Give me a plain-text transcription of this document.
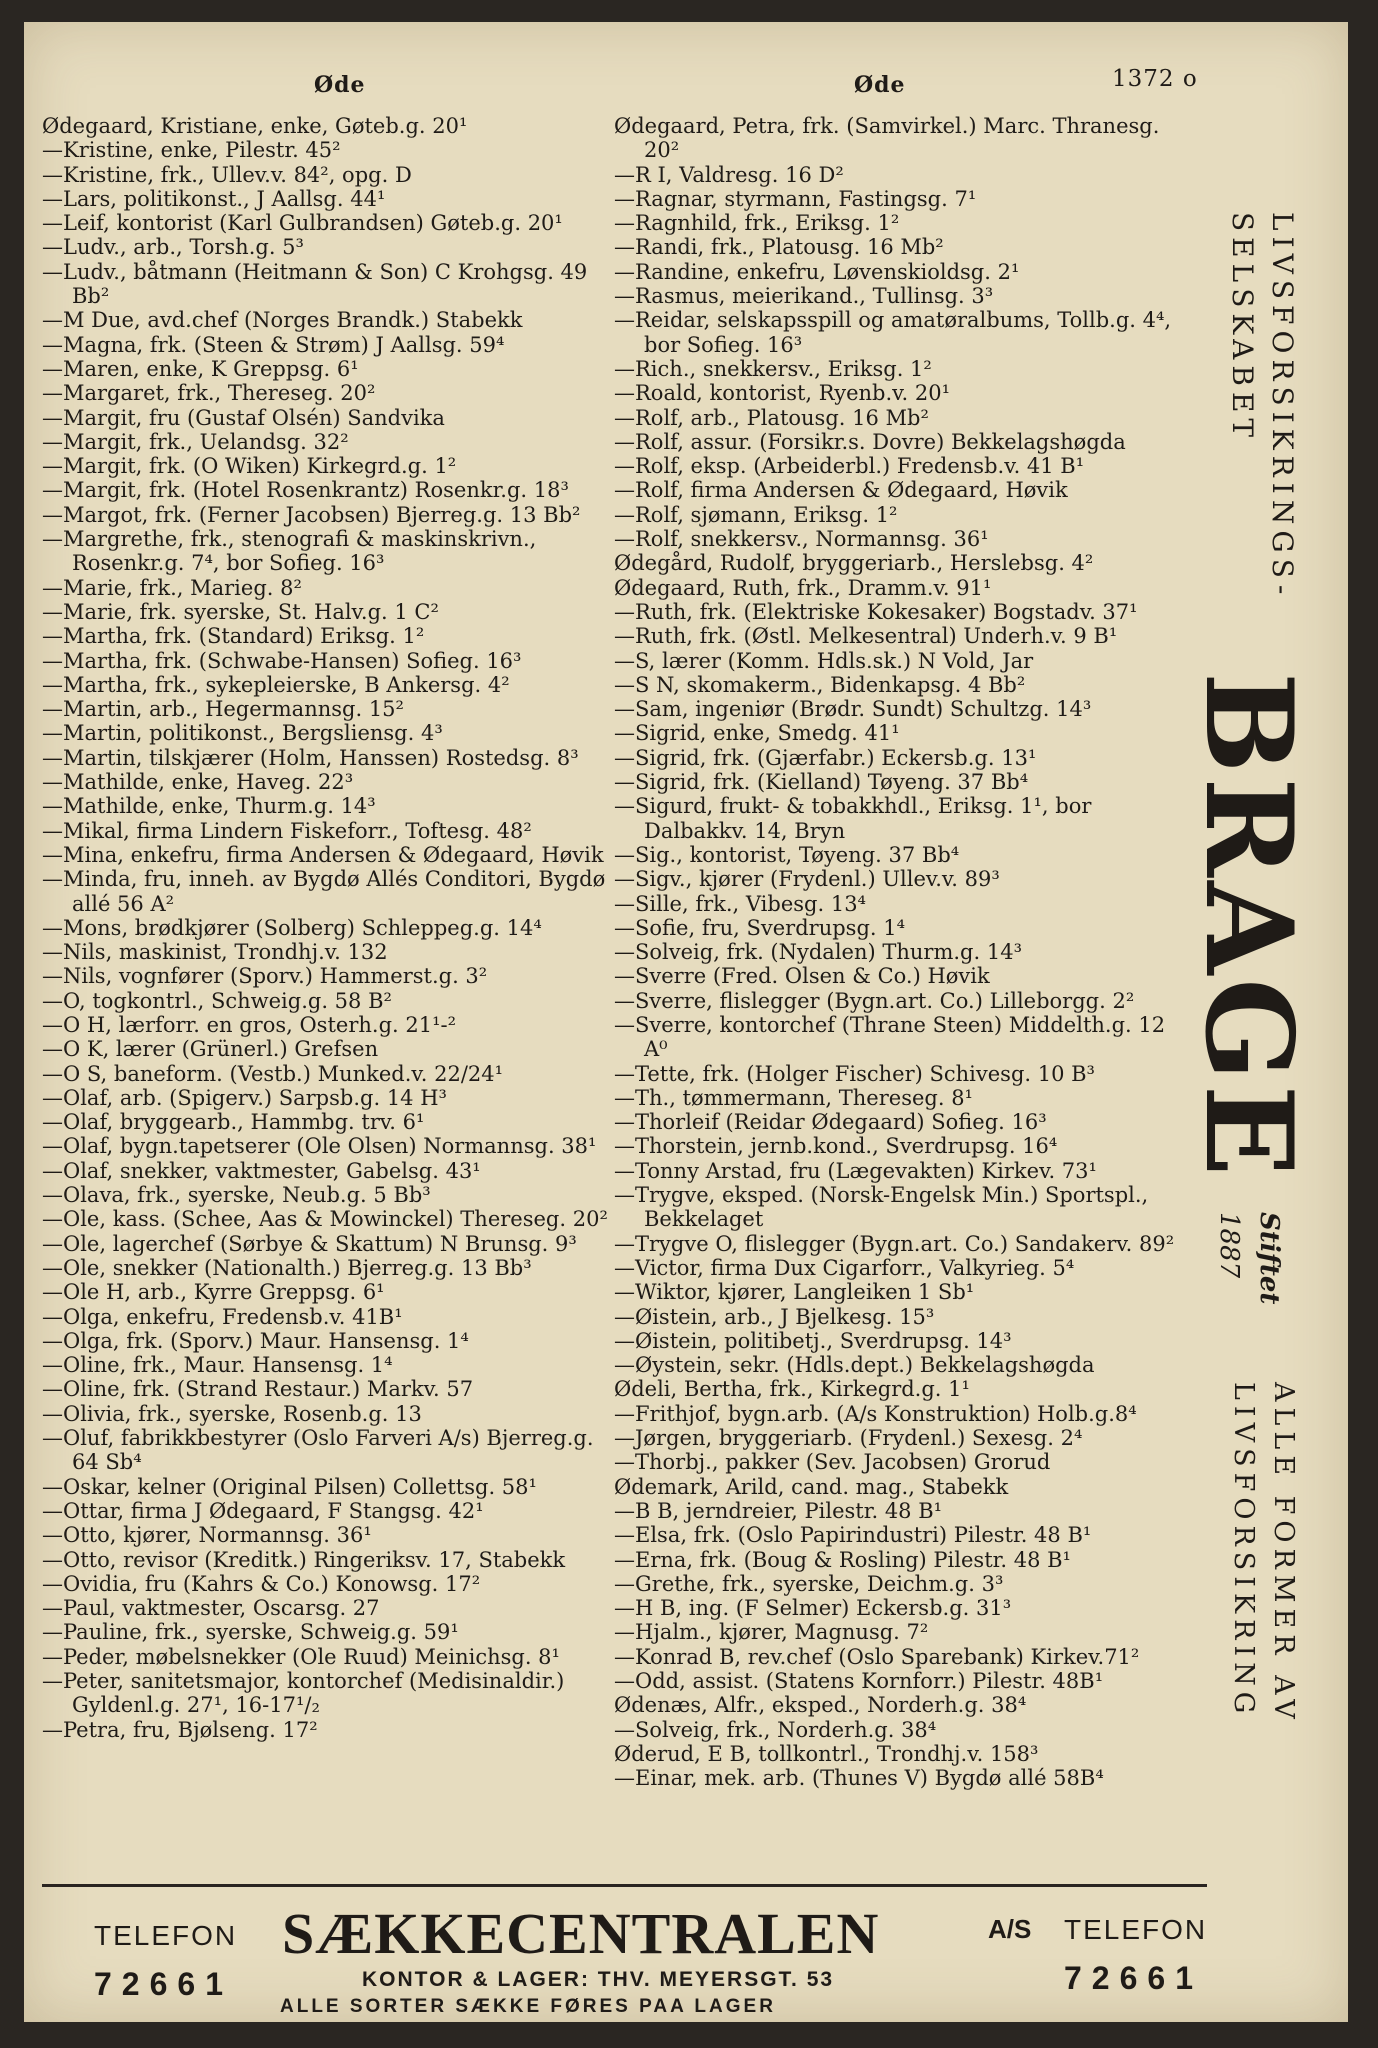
Øde	Øde	1372 o
Ødegaard, Kristiane, enke, Gøteb.g. 20¹
—Kristine, enke, Pilestr. 45²
—Kristine, frk., Ullev.v. 84², opg. D
—Lars, politikonst., J Aallsg. 44¹
—Leif, kontorist (Karl Gulbrandsen) Gøteb.g. 20¹
—Ludv., arb., Torsh.g. 5³
—Ludv., båtmann (Heitmann & Son) C Krohgsg. 49 Bb²
—M Due, avd.chef (Norges Brandk.) Stabekk
—Magna, frk. (Steen & Strøm) J Aallsg. 59⁴
—Maren, enke, K Greppsg. 6¹
—Margaret, frk., Thereseg. 20²
—Margit, fru (Gustaf Olsén) Sandvika
—Margit, frk., Uelandsg. 32²
—Margit, frk. (O Wiken) Kirkegrd.g. 1²
—Margit, frk. (Hotel Rosenkrantz) Rosenkr.g. 18³
—Margot, frk. (Ferner Jacobsen) Bjerreg.g. 13 Bb²
—Margrethe, frk., stenografi & maskinskrivn., Rosenkr.g. 7⁴, bor Sofieg. 16³
—Marie, frk., Marieg. 8²
—Marie, frk. syerske, St. Halv.g. 1 C²
—Martha, frk. (Standard) Eriksg. 1²
—Martha, frk. (Schwabe-Hansen) Sofieg. 16³
—Martha, frk., sykepleierske, B Ankersg. 4²
—Martin, arb., Hegermannsg. 15²
—Martin, politikonst., Bergsliensg. 4³
—Martin, tilskjærer (Holm, Hanssen) Rostedsg. 8³
—Mathilde, enke, Haveg. 22³
—Mathilde, enke, Thurm.g. 14³
—Mikal, firma Lindern Fiskeforr., Toftesg. 48²
—Mina, enkefru, firma Andersen & Ødegaard, Høvik
—Minda, fru, inneh. av Bygdø Allés Conditori, Bygdø allé 56 A²
—Mons, brødkjører (Solberg) Schleppeg.g. 14⁴
—Nils, maskinist, Trondhj.v. 132
—Nils, vognfører (Sporv.) Hammerst.g. 3²
—O, togkontrl., Schweig.g. 58 B²
—O H, lærforr. en gros, Osterh.g. 21¹-²
—O K, lærer (Grünerl.) Grefsen
—O S, baneform. (Vestb.) Munked.v. 22/24¹
—Olaf, arb. (Spigerv.) Sarpsb.g. 14 H³
—Olaf, bryggearb., Hammbg. trv. 6¹
—Olaf, bygn.tapetserer (Ole Olsen) Normannsg. 38¹
—Olaf, snekker, vaktmester, Gabelsg. 43¹
—Olava, frk., syerske, Neub.g. 5 Bb³
—Ole, kass. (Schee, Aas & Mowinckel) Thereseg. 20²
—Ole, lagerchef (Sørbye & Skattum) N Brunsg. 9³
—Ole, snekker (Nationalth.) Bjerreg.g. 13 Bb³
—Ole H, arb., Kyrre Greppsg. 6¹
—Olga, enkefru, Fredensb.v. 41B¹
—Olga, frk. (Sporv.) Maur. Hansensg. 1⁴
—Oline, frk., Maur. Hansensg. 1⁴
—Oline, frk. (Strand Restaur.) Markv. 57
—Olivia, frk., syerske, Rosenb.g. 13
—Oluf, fabrikkbestyrer (Oslo Farveri A/s) Bjerreg.g. 64 Sb⁴
—Oskar, kelner (Original Pilsen) Collettsg. 58¹
—Ottar, firma J Ødegaard, F Stangsg. 42¹
—Otto, kjører, Normannsg. 36¹
—Otto, revisor (Kreditk.) Ringeriksv. 17, Stabekk
—Ovidia, fru (Kahrs & Co.) Konowsg. 17²
—Paul, vaktmester, Oscarsg. 27
—Pauline, frk., syerske, Schweig.g. 59¹
—Peder, møbelsnekker (Ole Ruud) Meinichsg. 8¹
—Peter, sanitetsmajor, kontorchef (Medisinaldir.) Gyldenl.g. 27¹, 16-17¹/₂
—Petra, fru, Bjølseng. 17²
Ødegaard, Petra, frk. (Samvirkel.) Marc. Thranesg. 20²
—R I, Valdresg. 16 D²
—Ragnar, styrmann, Fastingsg. 7¹
—Ragnhild, frk., Eriksg. 1²
—Randi, frk., Platousg. 16 Mb²
—Randine, enkefru, Løvenskioldsg. 2¹
—Rasmus, meierikand., Tullinsg. 3³
—Reidar, selskapsspill og amatøralbums, Tollb.g. 4⁴, bor Sofieg. 16³
—Rich., snekkersv., Eriksg. 1²
—Roald, kontorist, Ryenb.v. 20¹
—Rolf, arb., Platousg. 16 Mb²
—Rolf, assur. (Forsikr.s. Dovre) Bekkelagshøgda
—Rolf, eksp. (Arbeiderbl.) Fredensb.v. 41 B¹
—Rolf, firma Andersen & Ødegaard, Høvik
—Rolf, sjømann, Eriksg. 1²
—Rolf, snekkersv., Normannsg. 36¹
Ødegård, Rudolf, bryggeriarb., Herslebsg. 4²
Ødegaard, Ruth, frk., Dramm.v. 91¹
—Ruth, frk. (Elektriske Kokesaker) Bogstadv. 37¹
—Ruth, frk. (Østl. Melkesentral) Underh.v. 9 B¹
—S, lærer (Komm. Hdls.sk.) N Vold, Jar
—S N, skomakerm., Bidenkapsg. 4 Bb²
—Sam, ingeniør (Brødr. Sundt) Schultzg. 14³
—Sigrid, enke, Smedg. 41¹
—Sigrid, frk. (Gjærfabr.) Eckersb.g. 13¹
—Sigrid, frk. (Kielland) Tøyeng. 37 Bb⁴
—Sigurd, frukt- & tobakkhdl., Eriksg. 1¹, bor Dalbakkv. 14, Bryn
—Sig., kontorist, Tøyeng. 37 Bb⁴
—Sigv., kjører (Frydenl.) Ullev.v. 89³
—Sille, frk., Vibesg. 13⁴
—Sofie, fru, Sverdrupsg. 1⁴
—Solveig, frk. (Nydalen) Thurm.g. 14³
—Sverre (Fred. Olsen & Co.) Høvik
—Sverre, flislegger (Bygn.art. Co.) Lilleborgg. 2²
—Sverre, kontorchef (Thrane Steen) Middelth.g. 12 A⁰
—Tette, frk. (Holger Fischer) Schivesg. 10 B³
—Th., tømmermann, Thereseg. 8¹
—Thorleif (Reidar Ødegaard) Sofieg. 16³
—Thorstein, jernb.kond., Sverdrupsg. 16⁴
—Tonny Arstad, fru (Lægevakten) Kirkev. 73¹
—Trygve, eksped. (Norsk-Engelsk Min.) Sportspl., Bekkelaget
—Trygve O, flislegger (Bygn.art. Co.) Sandakerv. 89²
—Victor, firma Dux Cigarforr., Valkyrieg. 5⁴
—Wiktor, kjører, Langleiken 1 Sb¹
—Øistein, arb., J Bjelkesg. 15³
—Øistein, politibetj., Sverdrupsg. 14³
—Øystein, sekr. (Hdls.dept.) Bekkelagshøgda
Ødeli, Bertha, frk., Kirkegrd.g. 1¹
—Frithjof, bygn.arb. (A/s Konstruktion) Holb.g.8⁴
—Jørgen, bryggeriarb. (Frydenl.) Sexesg. 2⁴
—Thorbj., pakker (Sev. Jacobsen) Grorud
Ødemark, Arild, cand. mag., Stabekk
—B B, jerndreier, Pilestr. 48 B¹
—Elsa, frk. (Oslo Papirindustri) Pilestr. 48 B¹
—Erna, frk. (Boug & Rosling) Pilestr. 48 B¹
—Grethe, frk., syerske, Deichm.g. 3³
—H B, ing. (F Selmer) Eckersb.g. 31³
—Hjalm., kjører, Magnusg. 7²
—Konrad B, rev.chef (Oslo Sparebank) Kirkev.71²
—Odd, assist. (Statens Kornforr.) Pilestr. 48B¹
Ødenæs, Alfr., eksped., Norderh.g. 38⁴
—Solveig, frk., Norderh.g. 38⁴
Øderud, E B, tollkontrl., Trondhj.v. 158³
—Einar, mek. arb. (Thunes V) Bygdø allé 58B⁴
LIVSFORSIKRINGS-
SELSKABET
BRAGE
Stiftet
1887
ALLE FORMER AV
LIVSFORSIKRING
TELEFON
72661
SÆKKECENTRALEN	A/S TELEFON
72661
KONTOR & LAGER: THV. MEYERSGT. 53
ALLE SORTER SÆKKE FØRES PAA LAGER
